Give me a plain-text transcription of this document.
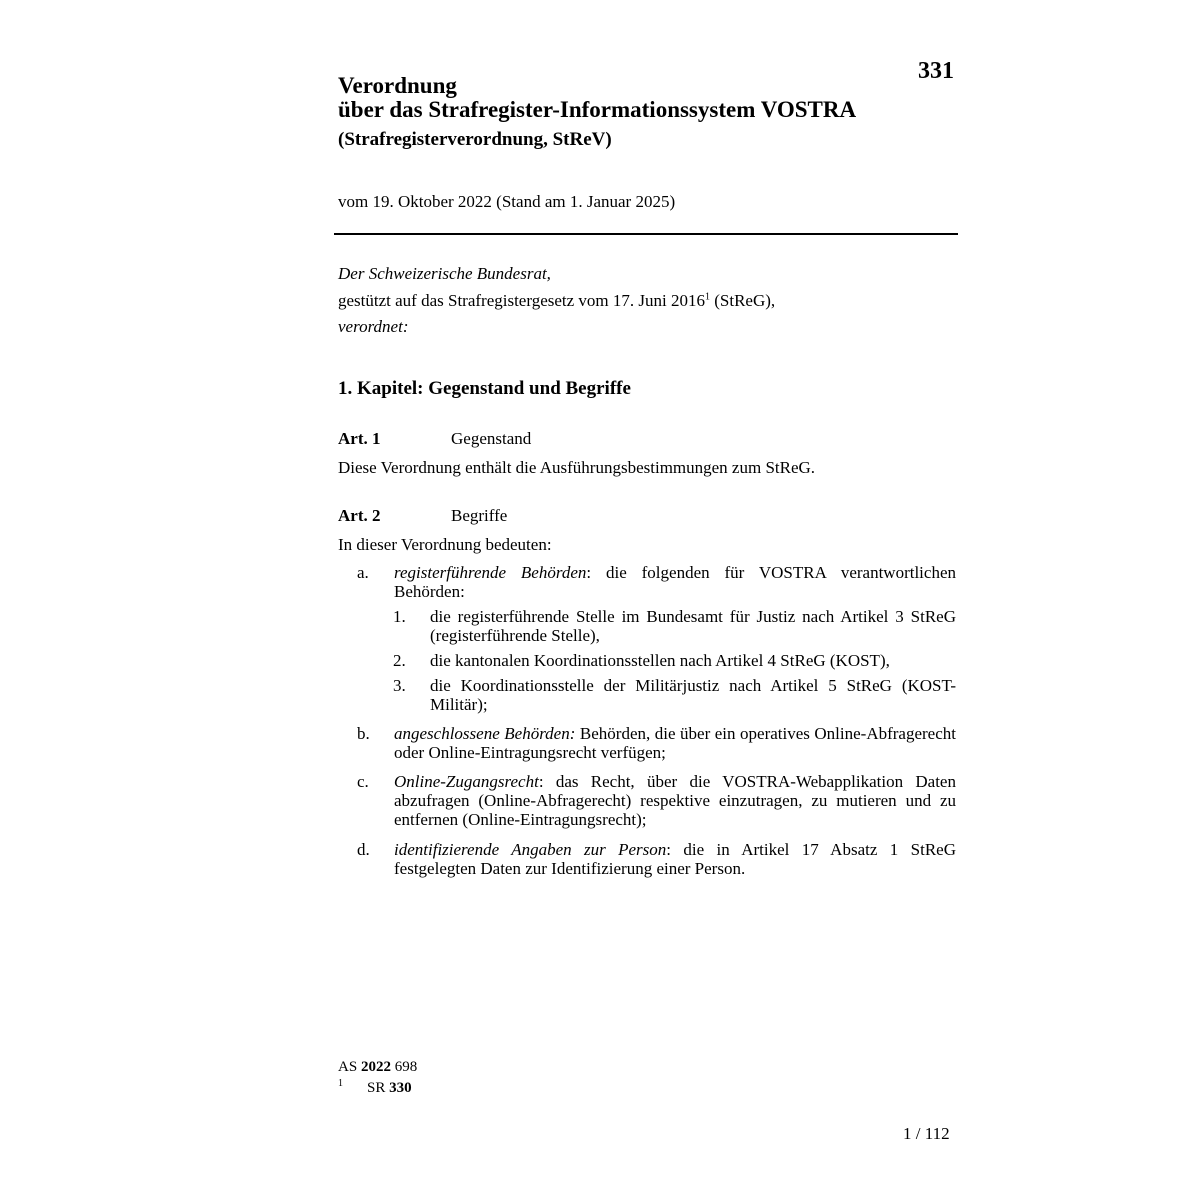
331
Verordnung
über das Strafregister-Informationssystem VOSTRA
(Strafregisterverordnung, StReV)
vom 19. Oktober 2022 (Stand am 1. Januar 2025)
Der Schweizerische Bundesrat,
gestützt auf das Strafregistergesetz vom 17. Juni 2016$^1$ (StReG),
verordnet:
1. Kapitel: Gegenstand und Begriffe
Art. 1	Gegenstand
Diese Verordnung enthält die Ausführungsbestimmungen zum StReG.
Art. 2	Begriffe
In dieser Verordnung bedeuten:
a. registerführende Behörden: die folgenden für VOSTRA verantwortlichen Behörden:
1. die registerführende Stelle im Bundesamt für Justiz nach Artikel 3 StReG (registerführende Stelle),
2. die kantonalen Koordinationsstellen nach Artikel 4 StReG (KOST),
3. die Koordinationsstelle der Militärjustiz nach Artikel 5 StReG (KOST-Militär);
b. angeschlossene Behörden: Behörden, die über ein operatives Online-Abfragerecht oder Online-Eintragungsrecht verfügen;
c. Online-Zugangsrecht: das Recht, über die VOSTRA-Webapplikation Daten abzufragen (Online-Abfragerecht) respektive einzutragen, zu mutieren und zu entfernen (Online-Eintragungsrecht);
d. identifizierende Angaben zur Person: die in Artikel 17 Absatz 1 StReG festgelegten Daten zur Identifizierung einer Person.
AS 2022 698
$^1$ SR 330
1 / 112
